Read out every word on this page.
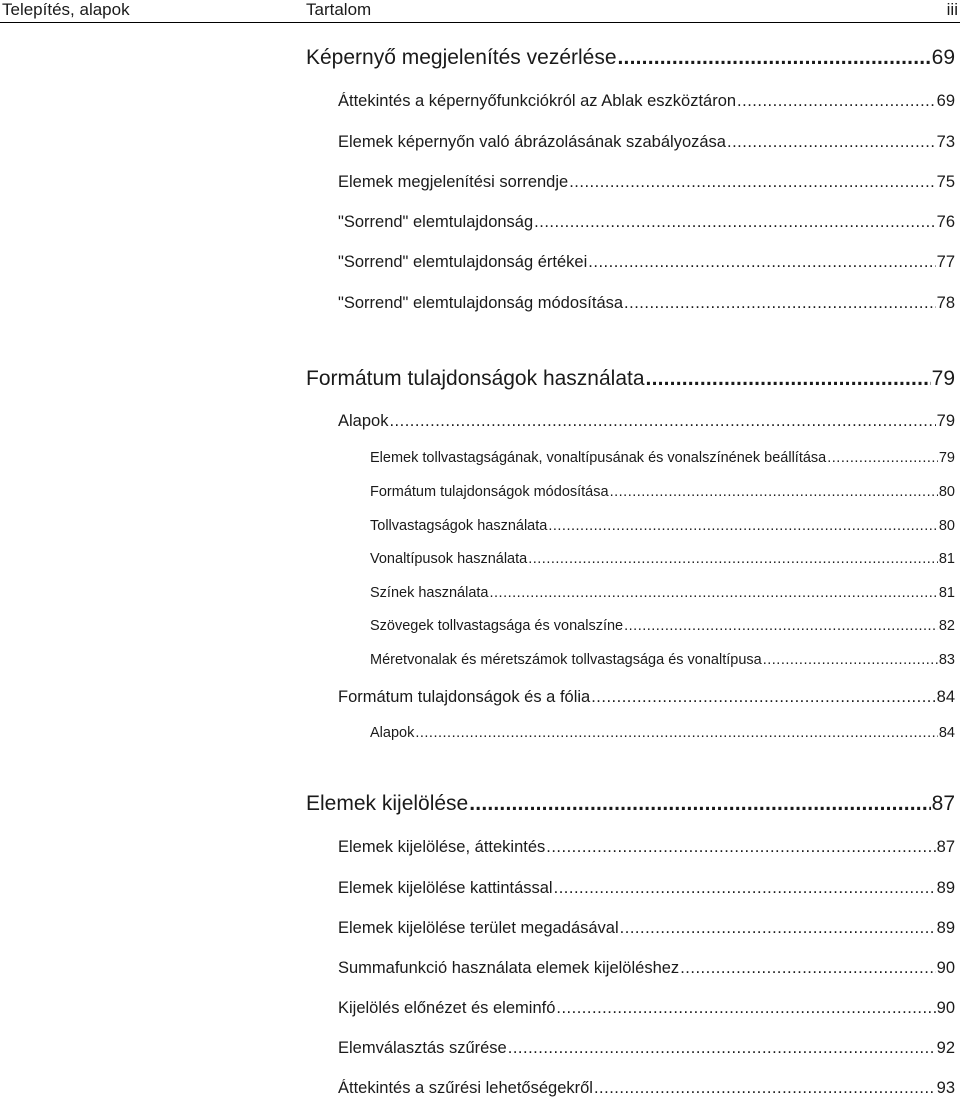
Telepítés, alapok	Tartalom	iii
Képernyő megjelenítés vezérlése .....	69
Áttekintés a képernyőfunkciókról az Ablak eszköztáron .....	69
Elemek képernyőn való ábrázolásának szabályozása .....	73
Elemek megjelenítési sorrendje .....	75
"Sorrend" elemtulajdonság .....	76
"Sorrend" elemtulajdonság értékei .....	77
"Sorrend" elemtulajdonság módosítása .....	78
Formátum tulajdonságok használata .....	79
Alapok .....	79
Elemek tollvastagságának, vonaltípusának és vonalszínének beállítása .....	79
Formátum tulajdonságok módosítása .....	80
Tollvastagságok használata .....	80
Vonaltípusok használata .....	81
Színek használata .....	81
Szövegek tollvastagsága és vonalszíne .....	82
Méretvonalak és méretszámok tollvastagsága és vonaltípusa .....	83
Formátum tulajdonságok és a fólia .....	84
Alapok .....	84
Elemek kijelölése .....	87
Elemek kijelölése, áttekintés .....	87
Elemek kijelölése kattintással .....	89
Elemek kijelölése terület megadásával .....	89
Summafunkció használata elemek kijelöléshez .....	90
Kijelölés előnézet és eleminfó .....	90
Elemválasztás szűrése .....	92
Áttekintés a szűrési lehetőségekről .....	93
